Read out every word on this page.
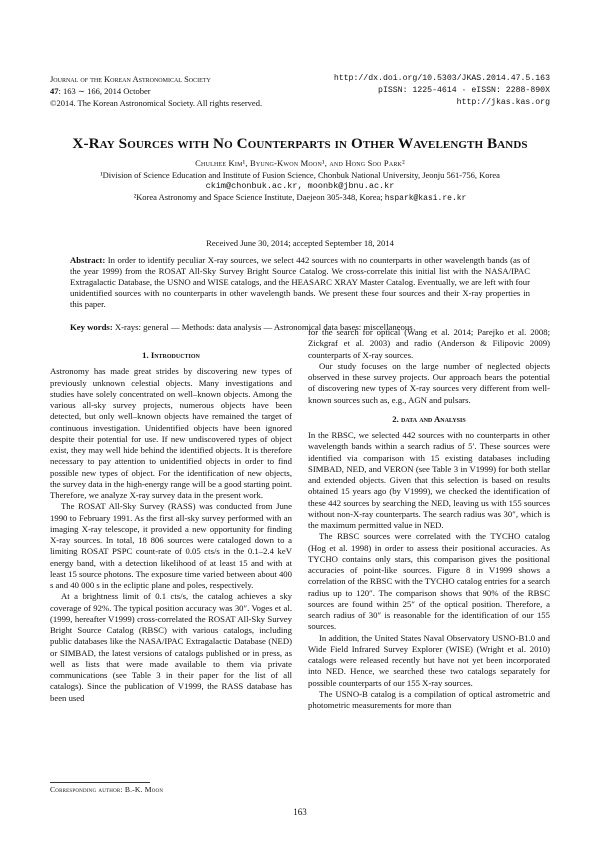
Journal of the Korean Astronomical Society
47: 163 ∼ 166, 2014 October
©2014. The Korean Astronomical Society. All rights reserved.
http://dx.doi.org/10.5303/JKAS.2014.47.5.163
pISSN: 1225-4614 · eISSN: 2288-890X
http://jkas.kas.org
X-Ray Sources with No Counterparts in Other Wavelength Bands
Chulhee Kim¹, Byung-Kwon Moon¹, and Hong Soo Park²
¹Division of Science Education and Institute of Fusion Science, Chonbuk National University, Jeonju 561-756, Korea
ckim@chonbuk.ac.kr, moonbk@jbnu.ac.kr
²Korea Astronomy and Space Science Institute, Daejeon 305-348, Korea; hspark@kasi.re.kr
Received June 30, 2014; accepted September 18, 2014
Abstract: In order to identify peculiar X-ray sources, we select 442 sources with no counterparts in other wavelength bands (as of the year 1999) from the ROSAT All-Sky Survey Bright Source Catalog. We cross-correlate this initial list with the NASA/IPAC Extragalactic Database, the USNO and WISE catalogs, and the HEASARC XRAY Master Catalog. Eventually, we are left with four unidentified sources with no counterparts in other wavelength bands. We present these four sources and their X-ray properties in this paper.
Key words: X-rays: general — Methods: data analysis — Astronomical data bases: miscellaneous

1. Introduction

Astronomy has made great strides by discovering new types of previously unknown celestial objects. Many investigations and studies have solely concentrated on well–known objects. Among the various all-sky survey projects, numerous objects have been detected, but only well–known objects have remained the target of continuous investigation. Unidentified objects have been ignored despite their potential for use. If new undiscovered types of object exist, they may well hide behind the identified objects. It is therefore necessary to pay attention to unidentified objects in order to find possible new types of object. For the identification of new objects, the survey data in the high-energy range will be a good starting point. Therefore, we analyze X-ray survey data in the present work.

The ROSAT All-Sky Survey (RASS) was conducted from June 1990 to February 1991. As the first all-sky survey performed with an imaging X-ray telescope, it provided a new opportunity for finding X-ray sources. In total, 18 806 sources were cataloged down to a limiting ROSAT PSPC count-rate of 0.05 cts/s in the 0.1–2.4 keV energy band, with a detection likelihood of at least 15 and with at least 15 source photons. The exposure time varied between about 400 s and 40 000 s in the ecliptic plane and poles, respectively.

At a brightness limit of 0.1 cts/s, the catalog achieves a sky coverage of 92%. The typical position accuracy was 30″. Voges et al. (1999, hereafter V1999) cross-correlated the ROSAT All-Sky Survey Bright Source Catalog (RBSC) with various catalogs, including public databases like the NASA/IPAC Extragalactic Database (NED) or SIMBAD, the latest versions of catalogs published or in press, as well as lists that were made available to them via private communications (see Table 3 in their paper for the list of all catalogs). Since the publication of V1999, the RASS database has been used

for the search for optical (Wang et al. 2014; Parejko et al. 2008; Zickgraf et al. 2003) and radio (Anderson & Filipovic 2009) counterparts of X-ray sources.

Our study focuses on the large number of neglected objects observed in these survey projects. Our approach bears the potential of discovering new types of X-ray sources very different from well-known sources such as, e.g., AGN and pulsars.

2. data and Analysis

In the RBSC, we selected 442 sources with no counterparts in other wavelength bands within a search radius of 5′. These sources were identified via comparison with 15 existing databases including SIMBAD, NED, and VERON (see Table 3 in V1999) for both stellar and extended objects. Given that this selection is based on results obtained 15 years ago (by V1999), we checked the identification of these 442 sources by searching the NED, leaving us with 155 sources without non-X-ray counterparts. The search radius was 30″, which is the maximum permitted value in NED.

The RBSC sources were correlated with the TYCHO catalog (Hog et al. 1998) in order to assess their positional accuracies. As TYCHO contains only stars, this comparison gives the positional accuracies of point-like sources. Figure 8 in V1999 shows a correlation of the RBSC with the TYCHO catalog entries for a search radius up to 120″. The comparison shows that 90% of the RBSC sources are found within 25″ of the optical position. Therefore, a search radius of 30″ is reasonable for the identification of our 155 sources.

In addition, the United States Naval Observatory USNO-B1.0 and Wide Field Infrared Survey Explorer (WISE) (Wright et al. 2010) catalogs were released recently but have not yet been incorporated into NED. Hence, we searched these two catalogs separately for possible counterparts of our 155 X-ray sources.

The USNO-B catalog is a compilation of optical astrometric and photometric measurements for more than

Corresponding author: B.-K. Moon
163
